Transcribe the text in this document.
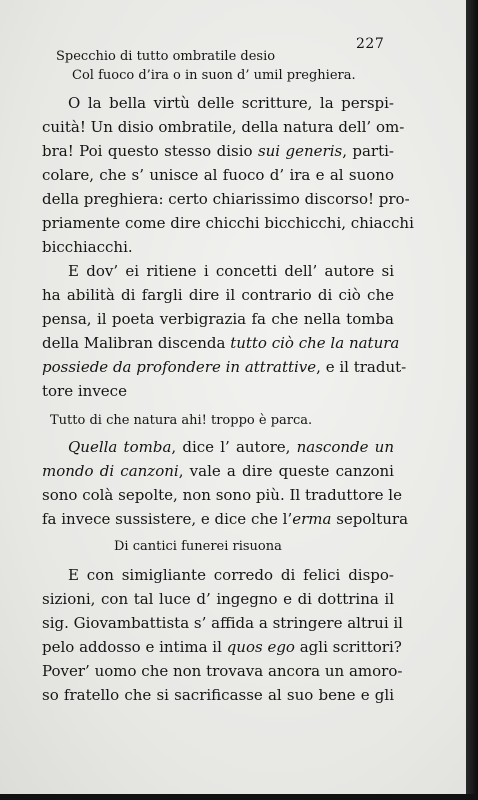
227
Specchio di tutto ombratile desio
Col fuoco d’ira o in suon d’ umil preghiera.
O la bella virtù delle scritture, la perspi-
cuità! Un disio ombratile, della natura dell’ om-
bra! Poi questo stesso disio sui generis, parti-
colare, che s’ unisce al fuoco d’ ira e al suono
della preghiera: certo chiarissimo discorso! pro-
priamente come dire chicchi bicchicchi, chiacchi
bicchiacchi.
E dov’ ei ritiene i concetti dell’ autore si
ha abilità di fargli dire il contrario di ciò che
pensa, il poeta verbigrazia fa che nella tomba
della Malibran discenda tutto ciò che la natura
possiede da profondere in attrattive, e il tradut-
tore invece
Tutto di che natura ahi! troppo è parca.
Quella tomba, dice l’ autore, nasconde un
mondo di canzoni, vale a dire queste canzoni
sono colà sepolte, non sono più. Il traduttore le
fa invece sussistere, e dice che l’erma sepoltura
Di cantici funerei risuona
E con simigliante corredo di felici dispo-
sizioni, con tal luce d’ ingegno e di dottrina il
sig. Giovambattista s’ affida a stringere altrui il
pelo addosso e intima il quos ego agli scrittori?
Pover’ uomo che non trovava ancora un amoro-
so fratello che si sacrificasse al suo bene e gli
